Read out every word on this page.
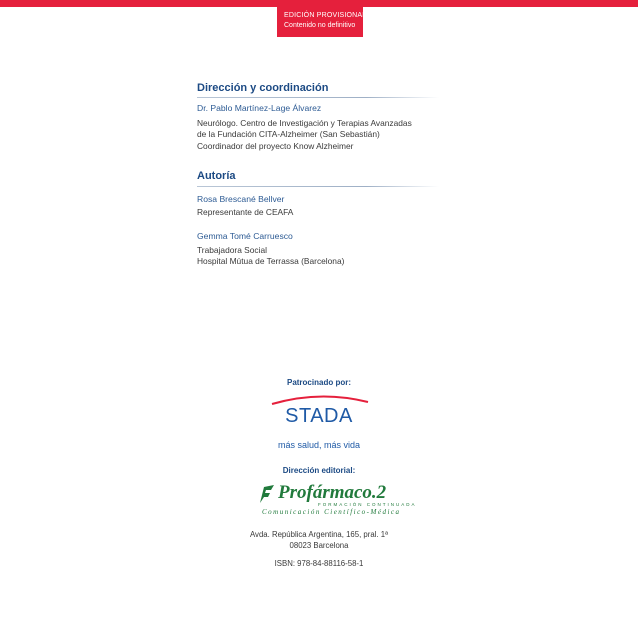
EDICIÓN PROVISIONAL
Contenido no definitivo
Dirección y coordinación
Dr. Pablo Martínez-Lage Álvarez
Neurólogo. Centro de Investigación y Terapias Avanzadas
de la Fundación CITA-Alzheimer (San Sebastián)
Coordinador del proyecto Know Alzheimer
Autoría
Rosa Brescané Bellver
Representante de CEAFA
Gemma Tomé Carruesco
Trabajadora Social
Hospital Mútua de Terrassa (Barcelona)
Patrocinado por:
STADA
más salud, más vida
Dirección editorial:
Profármaco.2
FORMACIÓN CONTINUADA
Comunicación Científico-Médica
Avda. República Argentina, 165, pral. 1ª
08023 Barcelona
ISBN: 978-84-88116-58-1
